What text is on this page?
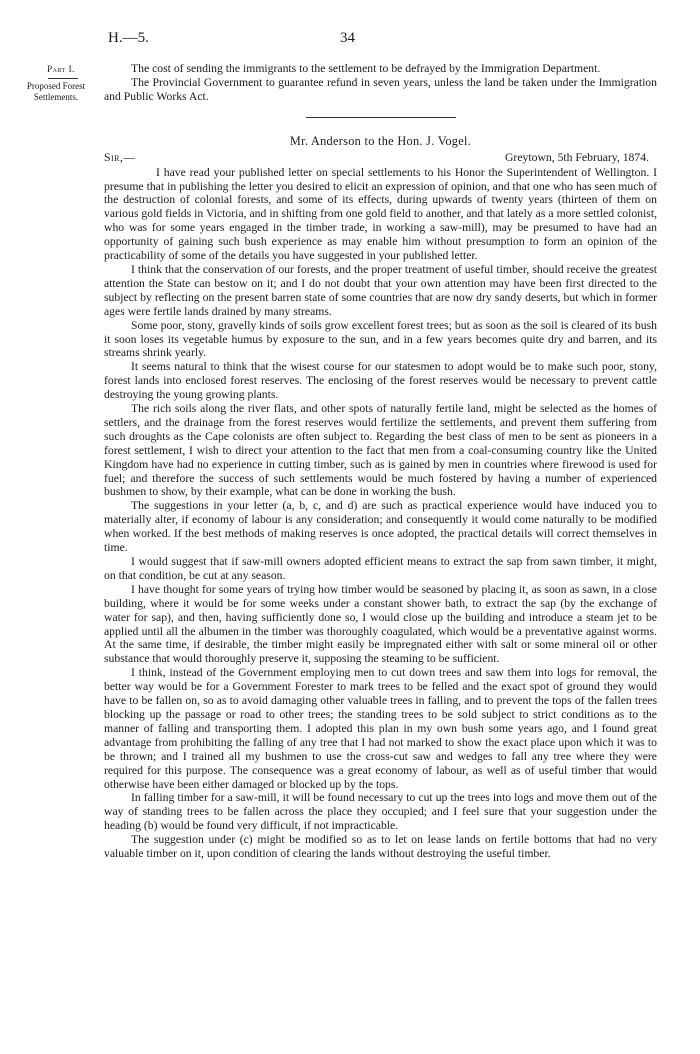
H.—5.	34
Part I.
Proposed Forest Settlements.

The cost of sending the immigrants to the settlement to be defrayed by the Immigration Department.

The Provincial Government to guarantee refund in seven years, unless the land be taken under the Immigration and Public Works Act.

Mr. Anderson to the Hon. J. Vogel.
Sir,—	Greytown, 5th February, 1874.

I have read your published letter on special settlements to his Honor the Superintendent of Wellington. I presume that in publishing the letter you desired to elicit an expression of opinion, and that one who has seen much of the destruction of colonial forests, and some of its effects, during upwards of twenty years (thirteen of them on various gold fields in Victoria, and in shifting from one gold field to another, and that lately as a more settled colonist, who was for some years engaged in the timber trade, in working a saw-mill), may be presumed to have had an opportunity of gaining such bush experience as may enable him without presumption to form an opinion of the practicability of some of the details you have suggested in your published letter.

I think that the conservation of our forests, and the proper treatment of useful timber, should receive the greatest attention the State can bestow on it; and I do not doubt that your own attention may have been first directed to the subject by reflecting on the present barren state of some countries that are now dry sandy deserts, but which in former ages were fertile lands drained by many streams.

Some poor, stony, gravelly kinds of soils grow excellent forest trees; but as soon as the soil is cleared of its bush it soon loses its vegetable humus by exposure to the sun, and in a few years becomes quite dry and barren, and its streams shrink yearly.

It seems natural to think that the wisest course for our statesmen to adopt would be to make such poor, stony, forest lands into enclosed forest reserves. The enclosing of the forest reserves would be necessary to prevent cattle destroying the young growing plants.

The rich soils along the river flats, and other spots of naturally fertile land, might be selected as the homes of settlers, and the drainage from the forest reserves would fertilize the settlements, and prevent them suffering from such droughts as the Cape colonists are often subject to. Regarding the best class of men to be sent as pioneers in a forest settlement, I wish to direct your attention to the fact that men from a coal-consuming country like the United Kingdom have had no experience in cutting timber, such as is gained by men in countries where firewood is used for fuel; and therefore the success of such settlements would be much fostered by having a number of experienced bushmen to show, by their example, what can be done in working the bush.

The suggestions in your letter (a, b, c, and d) are such as practical experience would have induced you to materially alter, if economy of labour is any consideration; and consequently it would come naturally to be modified when worked. If the best methods of making reserves is once adopted, the practical details will correct themselves in time.

I would suggest that if saw-mill owners adopted efficient means to extract the sap from sawn timber, it might, on that condition, be cut at any season.

I have thought for some years of trying how timber would be seasoned by placing it, as soon as sawn, in a close building, where it would be for some weeks under a constant shower bath, to extract the sap (by the exchange of water for sap), and then, having sufficiently done so, I would close up the building and introduce a steam jet to be applied until all the albumen in the timber was thoroughly coagulated, which would be a preventative against worms. At the same time, if desirable, the timber might easily be impregnated either with salt or some mineral oil or other substance that would thoroughly preserve it, supposing the steaming to be sufficient.

I think, instead of the Government employing men to cut down trees and saw them into logs for removal, the better way would be for a Government Forester to mark trees to be felled and the exact spot of ground they would have to be fallen on, so as to avoid damaging other valuable trees in falling, and to prevent the tops of the fallen trees blocking up the passage or road to other trees; the standing trees to be sold subject to strict conditions as to the manner of falling and transporting them. I adopted this plan in my own bush some years ago, and I found great advantage from prohibiting the falling of any tree that I had not marked to show the exact place upon which it was to be thrown; and I trained all my bushmen to use the cross-cut saw and wedges to fall any tree where they were required for this purpose. The consequence was a great economy of labour, as well as of useful timber that would otherwise have been either damaged or blocked up by the tops.

In falling timber for a saw-mill, it will be found necessary to cut up the trees into logs and move them out of the way of standing trees to be fallen across the place they occupied; and I feel sure that your suggestion under the heading (b) would be found very difficult, if not impracticable.

The suggestion under (c) might be modified so as to let on lease lands on fertile bottoms that had no very valuable timber on it, upon condition of clearing the lands without destroying the useful timber.
